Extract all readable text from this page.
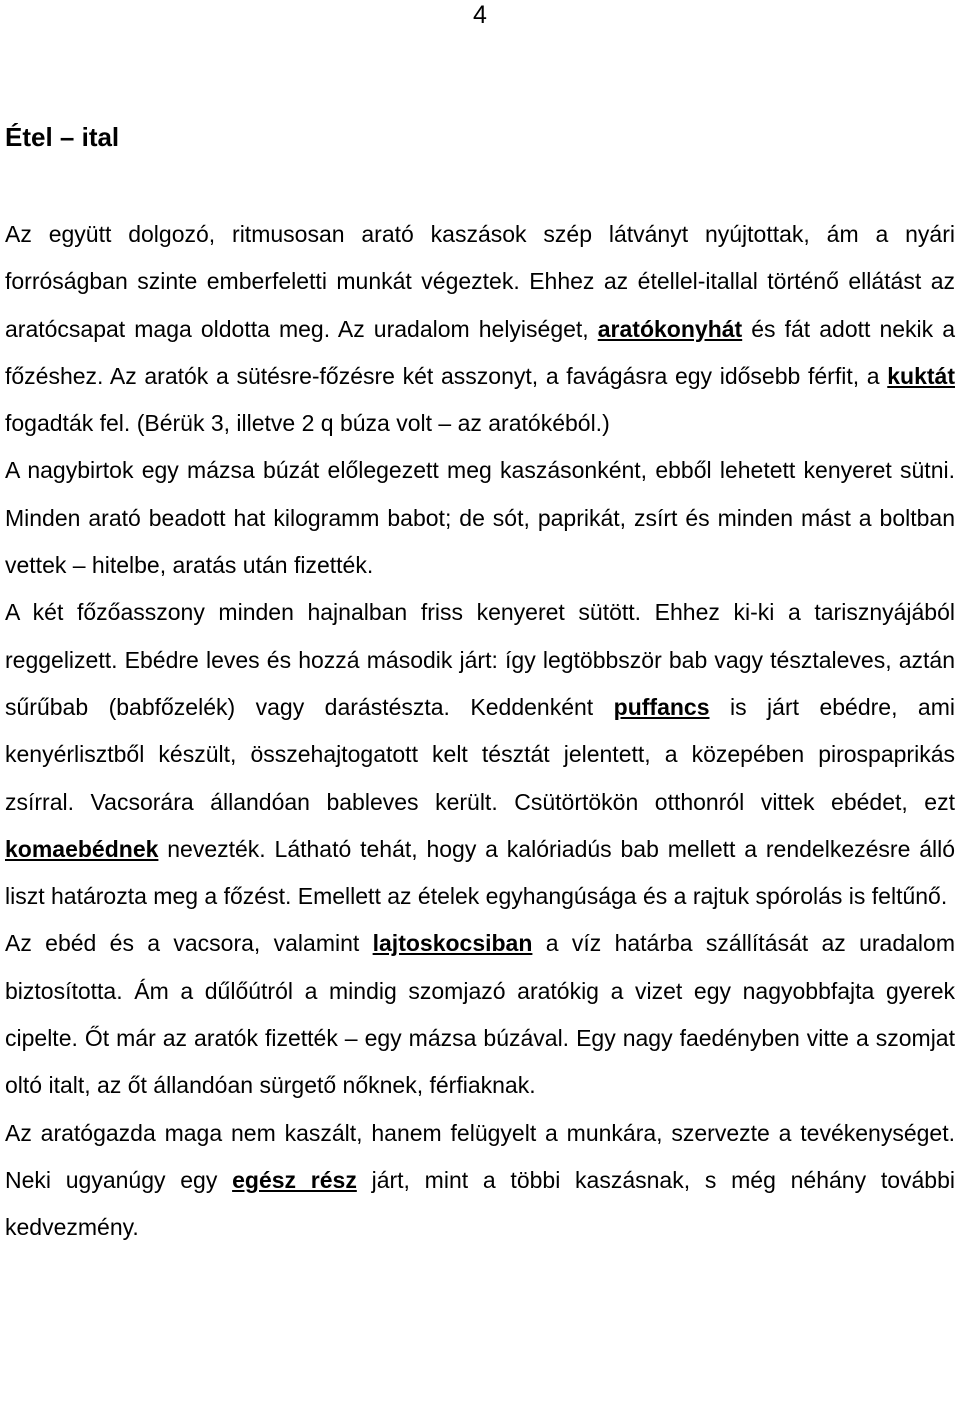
4
Étel – ital

Az együtt dolgozó, ritmusosan arató kaszások szép látványt nyújtottak, ám a nyári forróságban szinte emberfeletti munkát végeztek. Ehhez az étellel-itallal történő ellátást az aratócsapat maga oldotta meg. Az uradalom helyiséget, aratókonyhát és fát adott nekik a főzéshez. Az aratók a sütésre-főzésre két asszonyt, a favágásra egy idősebb férfit, a kuktát fogadták fel. (Bérük 3, illetve 2 q búza volt – az aratókéból.)

A nagybirtok egy mázsa búzát előlegezett meg kaszásonként, ebből lehetett kenyeret sütni. Minden arató beadott hat kilogramm babot; de sót, paprikát, zsírt és minden mást a boltban vettek – hitelbe, aratás után fizették.

A két főzőasszony minden hajnalban friss kenyeret sütött. Ehhez ki-ki a tarisznyájából reggelizett. Ebédre leves és hozzá második járt: így legtöbbször bab vagy tésztaleves, aztán sűrűbab (babfőzelék) vagy darástészta. Keddenként puffancs is járt ebédre, ami kenyérlisztből készült, összehajtogatott kelt tésztát jelentett, a közepében pirospaprikás zsírral. Vacsorára állandóan bableves került. Csütörtökön otthonról vittek ebédet, ezt komaebédnek nevezték. Látható tehát, hogy a kalóriadús bab mellett a rendelkezésre álló liszt határozta meg a főzést. Emellett az ételek egyhangúsága és a rajtuk spórolás is feltűnő.

Az ebéd és a vacsora, valamint lajtoskocsiban a víz határba szállítását az uradalom biztosította. Ám a dűlőútról a mindig szomjazó aratókig a vizet egy nagyobbfajta gyerek cipelte. Őt már az aratók fizették – egy mázsa búzával. Egy nagy faedényben vitte a szomjat oltó italt, az őt állandóan sürgető nőknek, férfiaknak.

Az aratógazda maga nem kaszált, hanem felügyelt a munkára, szervezte a tevékenységet. Neki ugyanúgy egy egész rész járt, mint a többi kaszásnak, s még néhány további kedvezmény.
